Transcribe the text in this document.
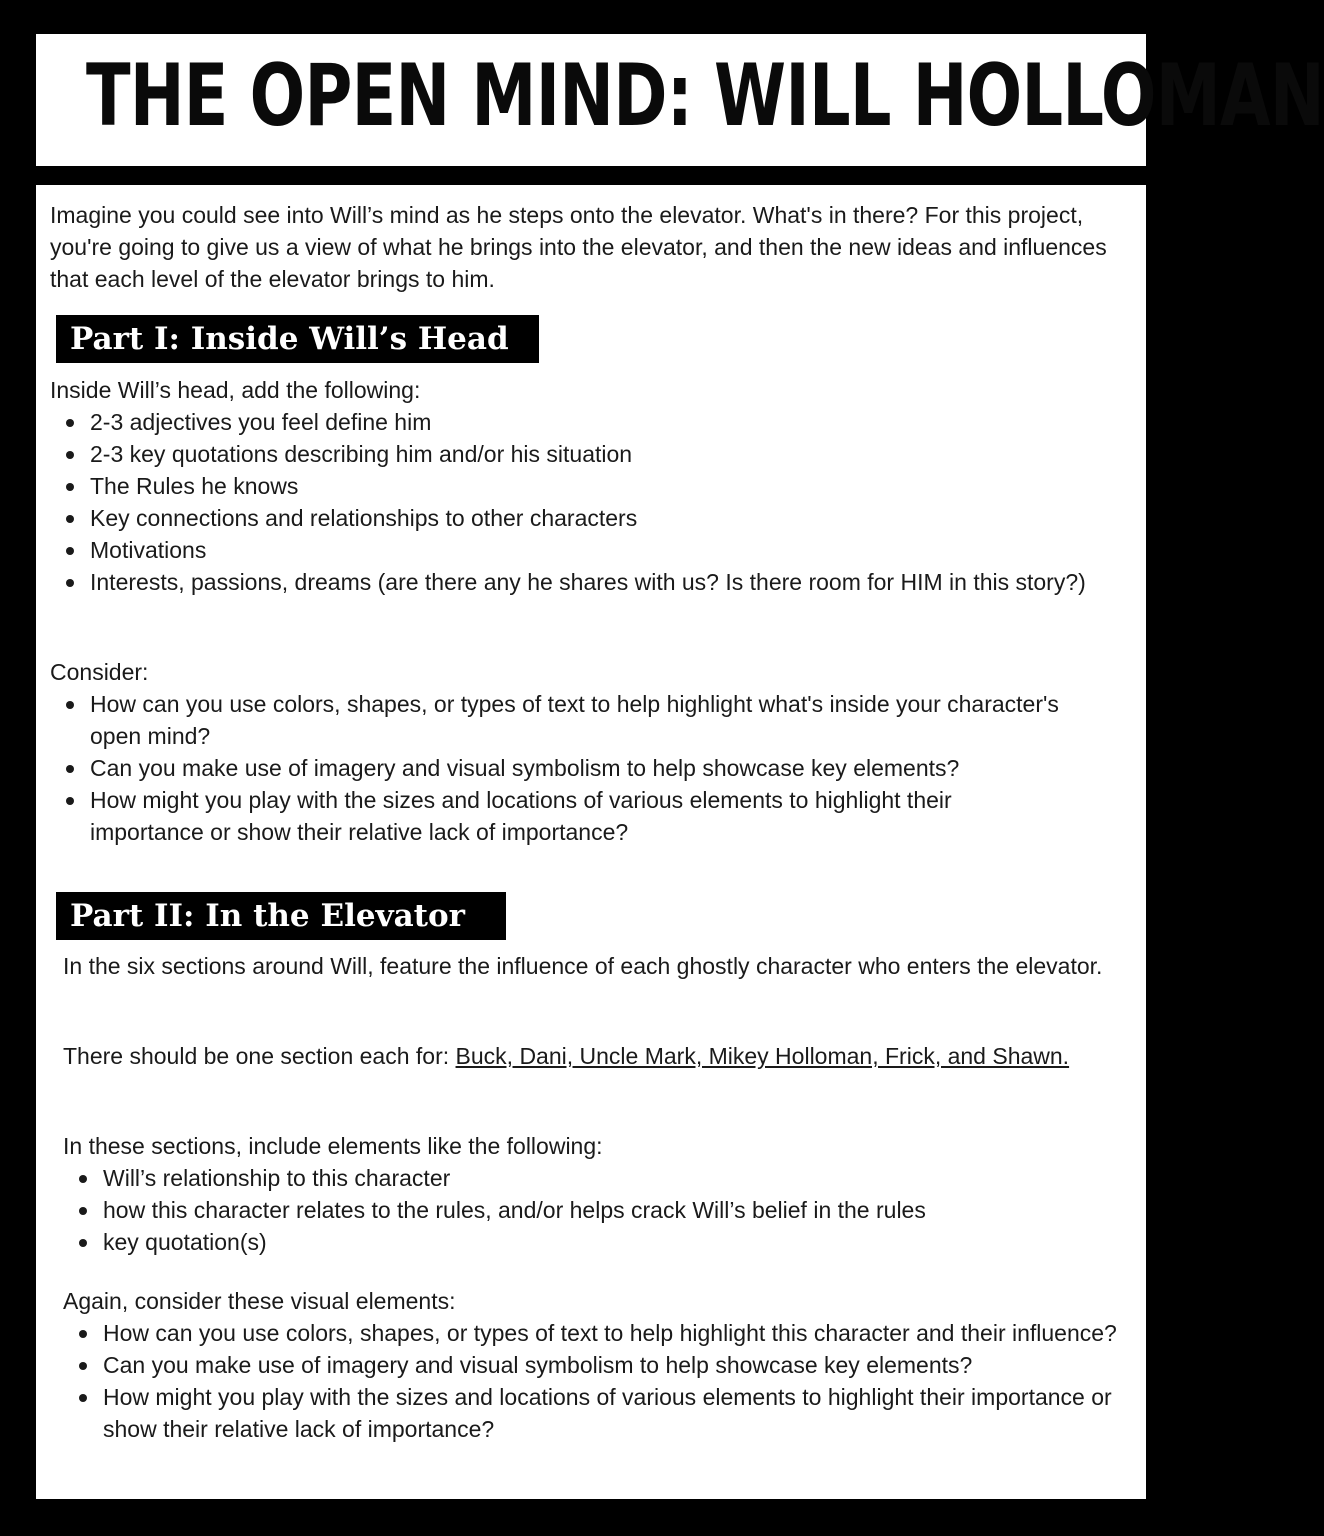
THE OPEN MIND: WILL HOLLOMAN

Imagine you could see into Will’s mind as he steps onto the elevator. What's in there? For this project, you're going to give us a view of what he brings into the elevator, and then the new ideas and influences that each level of the elevator brings to him.

Part I: Inside Will’s Head

Inside Will’s head, add the following:

2-3 adjectives you feel define him
2-3 key quotations describing him and/or his situation
The Rules he knows
Key connections and relationships to other characters
Motivations
Interests, passions, dreams (are there any he shares with us? Is there room for HIM in this story?)

Consider:

How can you use colors, shapes, or types of text to help highlight what's inside your character's open mind?
Can you make use of imagery and visual symbolism to help showcase key elements?
How might you play with the sizes and locations of various elements to highlight their importance or show their relative lack of importance?
Part II: In the Elevator

In the six sections around Will, feature the influence of each ghostly character who enters the elevator.

There should be one section each for: Buck, Dani, Uncle Mark, Mikey Holloman, Frick, and Shawn.

In these sections, include elements like the following:

Will’s relationship to this character
how this character relates to the rules, and/or helps crack Will’s belief in the rules
key quotation(s)

Again, consider these visual elements:

How can you use colors, shapes, or types of text to help highlight this character and their influence?
Can you make use of imagery and visual symbolism to help showcase key elements?
How might you play with the sizes and locations of various elements to highlight their importance or show their relative lack of importance?
